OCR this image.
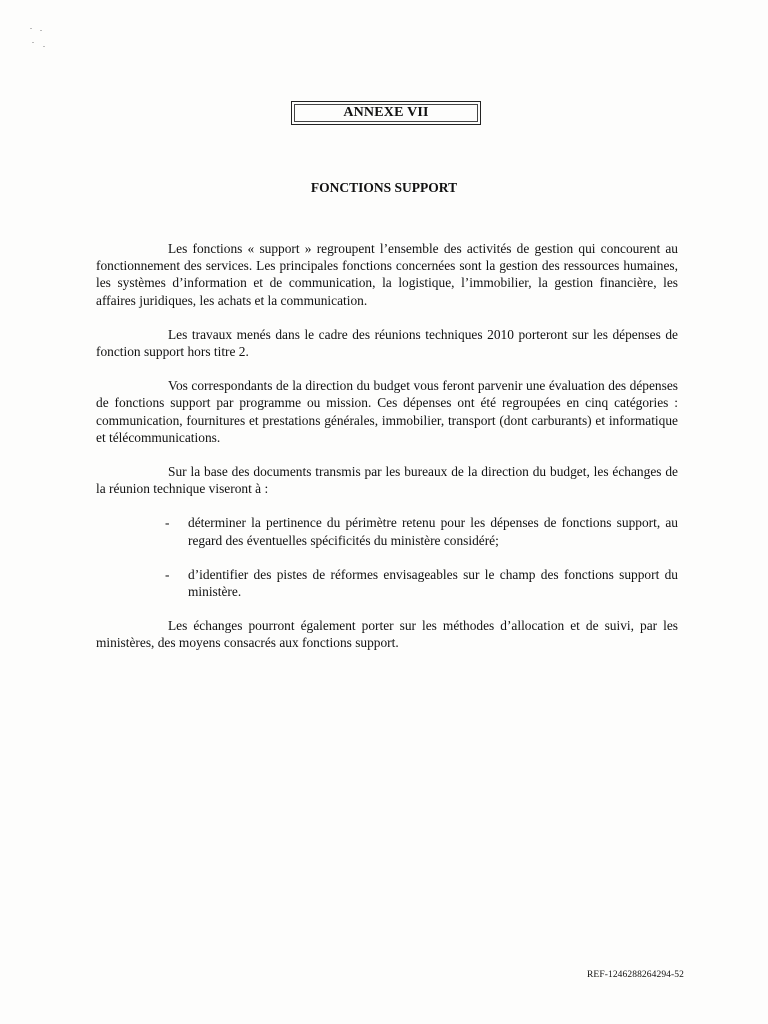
ANNEXE VII
FONCTIONS SUPPORT

Les fonctions « support » regroupent l’ensemble des activités de gestion qui concourent au fonctionnement des services. Les principales fonctions concernées sont la gestion des ressources humaines, les systèmes d’information et de communication, la logistique, l’immobilier, la gestion financière, les affaires juridiques, les achats et la communication.

Les travaux menés dans le cadre des réunions techniques 2010 porteront sur les dépenses de fonction support hors titre 2.

Vos correspondants de la direction du budget vous feront parvenir une évaluation des dépenses de fonctions support par programme ou mission. Ces dépenses ont été regroupées en cinq catégories : communication, fournitures et prestations générales, immobilier, transport (dont carburants) et informatique et télécommunications.

Sur la base des documents transmis par les bureaux de la direction du budget, les échanges de la réunion technique viseront à :

- déterminer la pertinence du périmètre retenu pour les dépenses de fonctions support, au regard des éventuelles spécificités du ministère considéré;
- d’identifier des pistes de réformes envisageables sur le champ des fonctions support du ministère.

Les échanges pourront également porter sur les méthodes d’allocation et de suivi, par les ministères, des moyens consacrés aux fonctions support.

REF-1246288264294-52
